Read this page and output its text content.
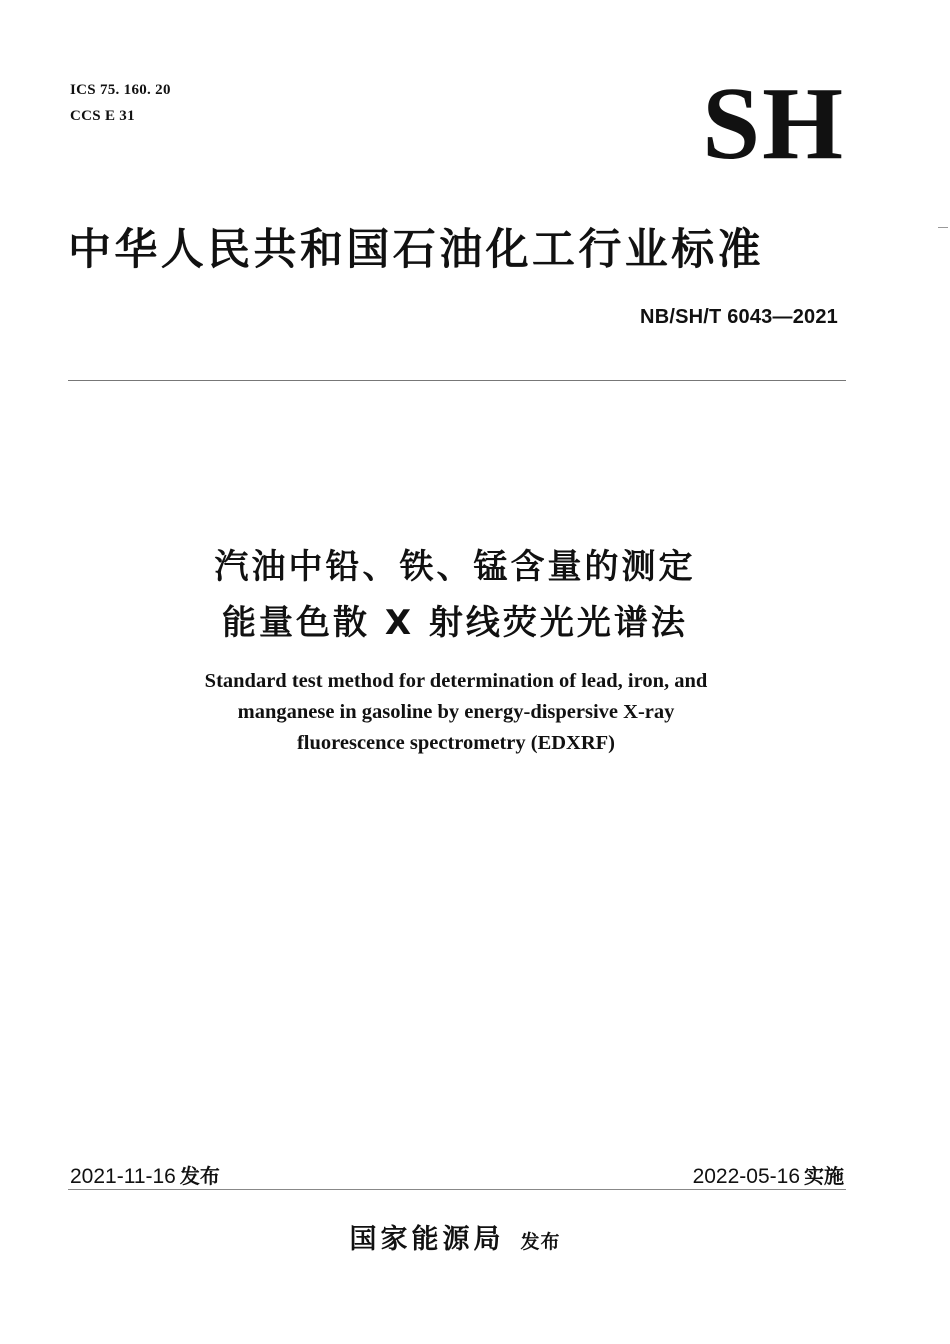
ICS 75. 160. 20
CCS E 31	SH
中华人民共和国石油化工行业标准
NB/SH/T 6043—2021
汽油中铅、铁、锰含量的测定
能量色散 X 射线荧光光谱法
Standard test method for determination of lead, iron, and
manganese in gasoline by energy-dispersive X-ray
fluorescence spectrometry (EDXRF)
2021-11-16 发布	2022-05-16 实施
国家能源局 发布
